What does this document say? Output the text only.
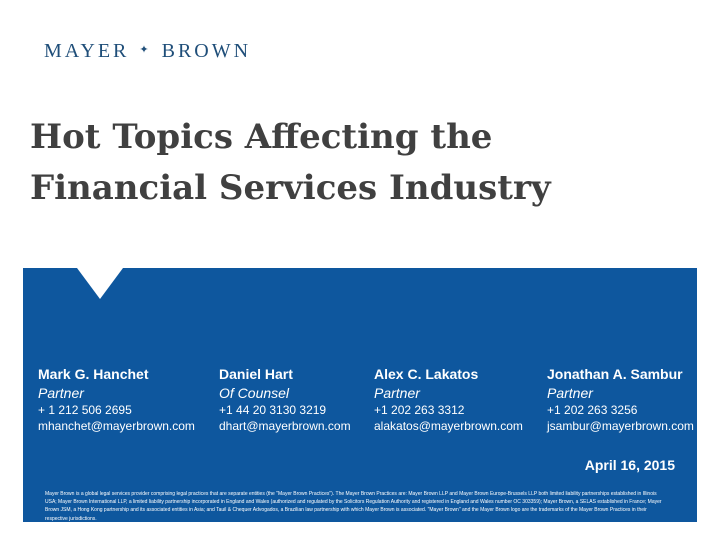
MAYER ✦ BROWN
Hot Topics Affecting the
Financial Services Industry
Mark G. Hanchet
Partner
+ 1 212 506 2695
mhanchet@mayerbrown.com
Daniel Hart
Of Counsel
+1 44 20 3130 3219
dhart@mayerbrown.com
Alex C. Lakatos
Partner
+1 202 263 3312
alakatos@mayerbrown.com
Jonathan A. Sambur
Partner
+1 202 263 3256
jsambur@mayerbrown.com
April 16, 2015
Mayer Brown is a global legal services provider comprising legal practices that are separate entities (the "Mayer Brown Practices"). The Mayer Brown Practices are: Mayer Brown LLP and Mayer Brown Europe-Brussels LLP both limited liability partnerships established in Illinois USA; Mayer Brown International LLP, a limited liability partnership incorporated in England and Wales (authorized and regulated by the Solicitors Regulation Authority and registered in England and Wales number OC 303359); Mayer Brown, a SELAS established in France; Mayer Brown JSM, a Hong Kong partnership and its associated entities in Asia; and Tauil & Chequer Advogados, a Brazilian law partnership with which Mayer Brown is associated. "Mayer Brown" and the Mayer Brown logo are the trademarks of the Mayer Brown Practices in their respective jurisdictions.
